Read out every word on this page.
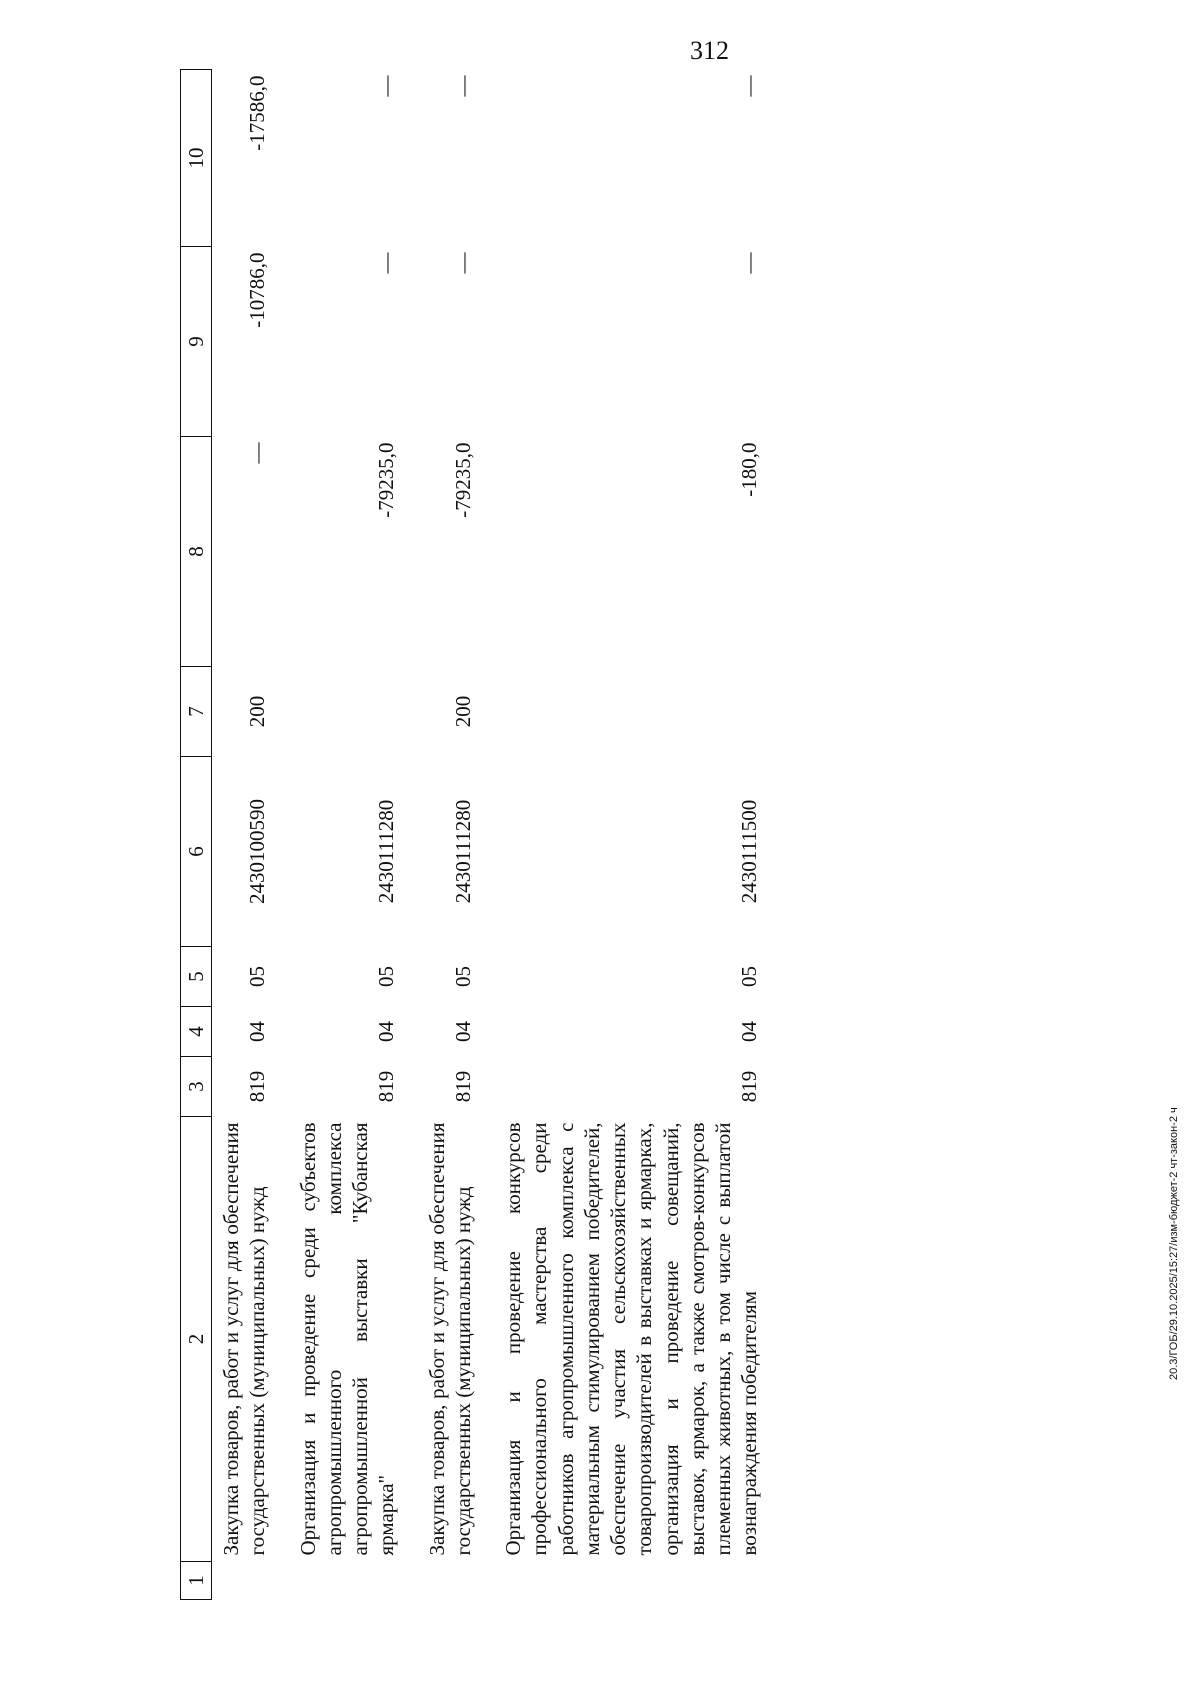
312
20.3/ГОБ/29.10.2025/15:27/изм-бюджет-2 чт-закон-2 ч
1	2	3	4	5	6	7	8	9	10
	Закупка товаров, работ и услуг для обеспечения государственных (муниципальных) нужд	819	04	05	2430100590	200	—	-10786,0	-17586,0
	Организация и проведение среди субъектов агропромышленного комплекса агропромышленной выставки "Кубанская ярмарка"	819	04	05	2430111280		-79235,0	—	—
	Закупка товаров, работ и услуг для обеспечения государственных (муниципальных) нужд	819	04	05	2430111280	200	-79235,0	—	—
	Организация и проведение конкурсов профессионального мастерства среди работников агропромышленного комплекса с материальным стимулированием победителей, обеспечение участия сельскохозяйственных товаропроизводителей в выставках и ярмарках, организация и проведение совещаний, выставок, ярмарок, а также смотров-конкурсов племенных животных, в том числе с выплатой вознаграждения победителям	819	04	05	2430111500		-180,0	—	—
